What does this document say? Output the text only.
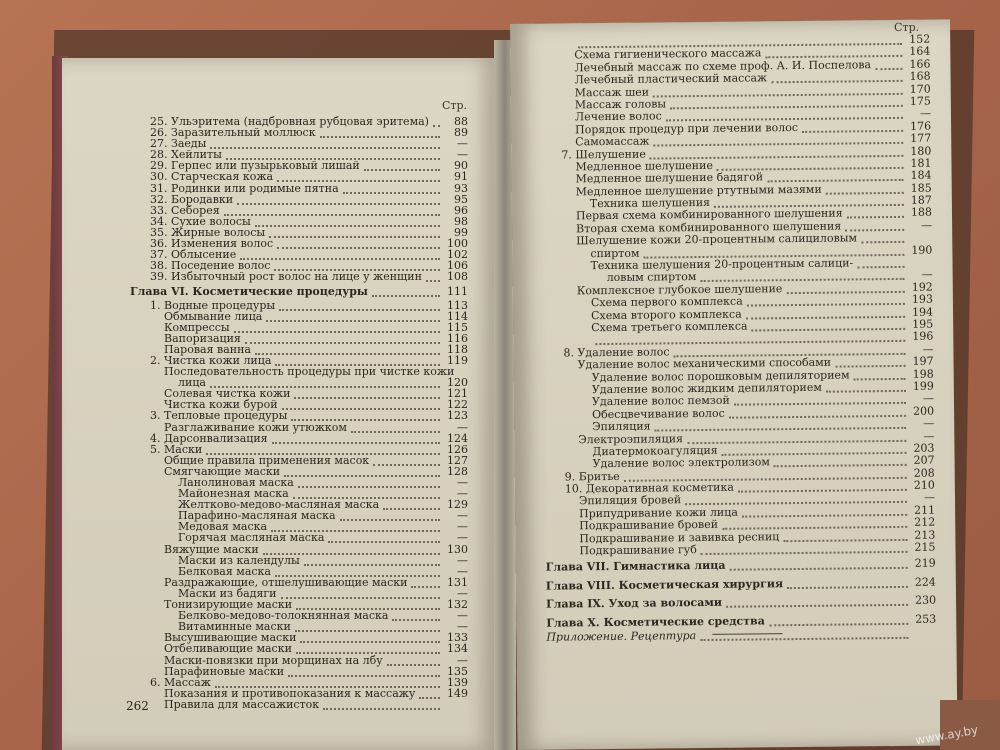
Стр.
25. Ульэритема (надбровная рубцовая эритема)	88
26. Заразительный моллюск	89
27. Заеды	—
28. Хейлиты	—
29. Герпес или пузырьковый лишай	90
30. Старческая кожа	91
31. Родинки или родимые пятна	93
32. Бородавки	95
33. Себорея	96
34. Сухие волосы	98
35. Жирные волосы	99
36. Изменения волос	100
37. Облысение	102
38. Поседение волос	106
39. Избыточный рост волос на лице у женщин	108
Глава VI. Косметические процедуры	111
1. Водные процедуры	113
Обмывание лица	114
Компрессы	115
Вапоризация	116
Паровая ванна	118
2. Чистка кожи лица	119
Последовательность процедуры при чистке кожи
лица	120
Солевая чистка кожи	121
Чистка кожи бурой	122
3. Тепловые процедуры	123
Разглаживание кожи утюжком	—
4. Дарсонвализация	124
5. Маски	126
Общие правила применения масок	127
Смягчающие маски	128
Ланолиновая маска	—
Майонезная маска	—
Желтково-медово-масляная маска	129
Парафино-масляная маска	—
Медовая маска	—
Горячая масляная маска	—
Вяжущие маски	130
Маски из календулы	—
Белковая маска	—
Раздражающие, отшелушивающие маски	131
Маски из бадяги	—
Тонизирующие маски	132
Белково-медово-толокнянная маска	—
Витаминные маски	—
Высушивающие маски	133
Отбеливающие маски	134
Маски-повязки при морщинах на лбу	—
Парафиновые маски	135
6. Массаж	139
Показания и противопоказания к массажу	149
Правила для массажисток
262
Стр.
152
Схема гигиенического массажа	164
Лечебный массаж по схеме проф. А. И. Поспелова	166
Лечебный пластический массаж	168
Массаж шеи	170
Массаж головы	175
Лечение волос	—
Порядок процедур при лечении волос	176
Самомассаж	177
7. Шелушение	180
Медленное шелушение	181
Медленное шелушение бадягой	184
Медленное шелушение ртутными мазями	185
Техника шелушения	187
Первая схема комбинированного шелушения	188
Вторая схема комбинированного шелушения	—
Шелушение кожи 20-процентным салициловым
спиртом	190
Техника шелушения 20-процентным салици-
ловым спиртом	—
Комплексное глубокое шелушение	192
Схема первого комплекса	193
Схема второго комплекса	194
Схема третьего комплекса	195
196
8. Удаление волос	—
Удаление волос механическими способами	197
Удаление волос порошковым депиляторием	198
Удаление волос жидким депиляторием	199
Удаление волос пемзой	—
Обесцвечивание волос	200
Эпиляция	—
Электроэпиляция	—
Диатермокоагуляция	203
Удаление волос электролизом	207
9. Бритье	208
10. Декоративная косметика	210
Эпиляция бровей	—
Припудривание кожи лица	211
Подкрашивание бровей	212
Подкрашивание и завивка ресниц	213
Подкрашивание губ	215
Глава VII. Гимнастика лица	219
Глава VIII. Косметическая хирургия	224
Глава IX. Уход за волосами	230
Глава X. Косметические средства	253
Приложение. Рецептура
www.ay.by
